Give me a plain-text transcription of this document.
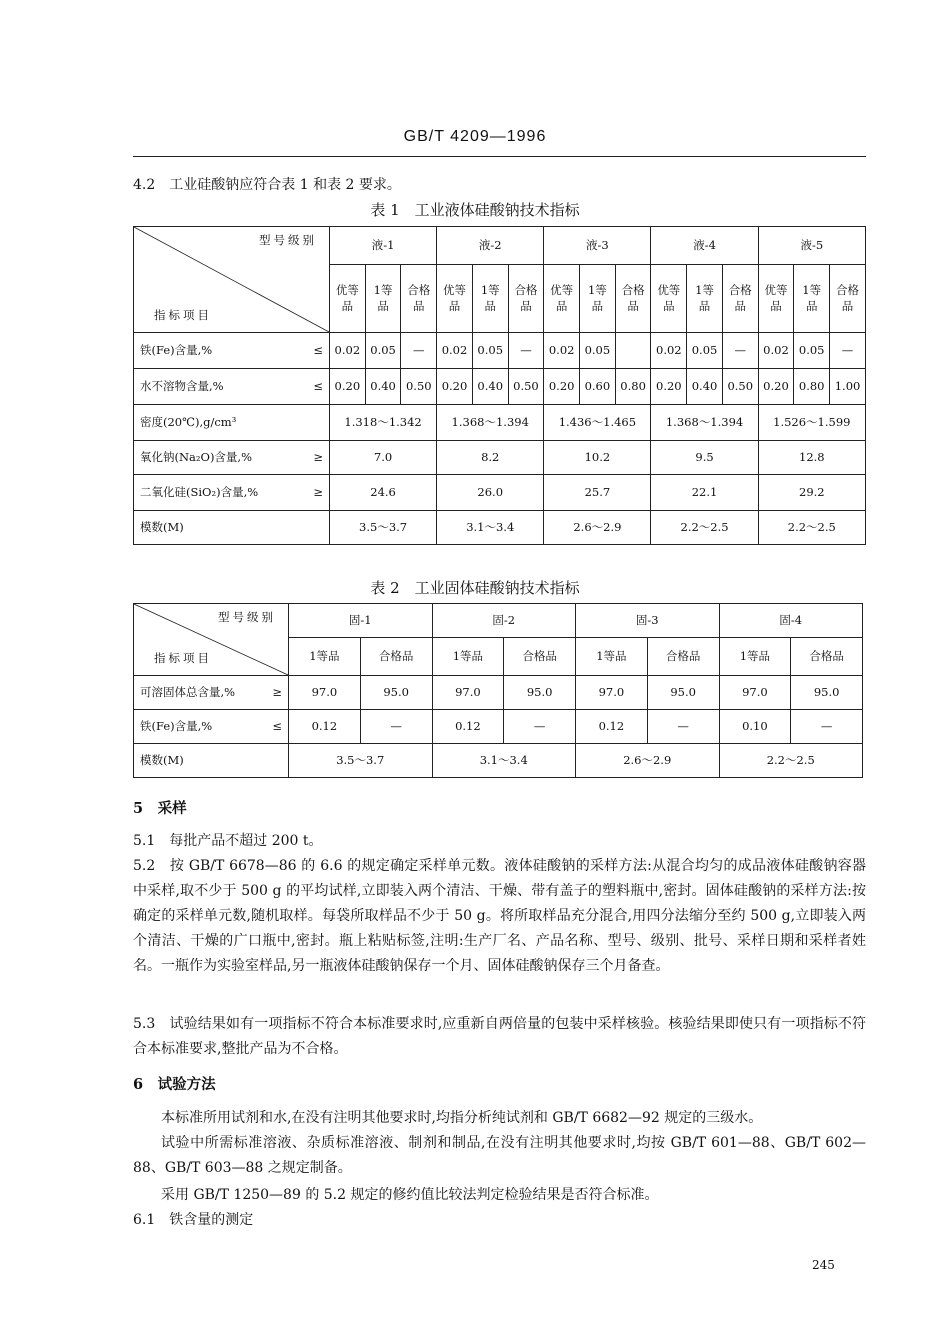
GB/T 4209—1996
4.2　工业硅酸钠应符合表 1 和表 2 要求。
表 1　工业液体硅酸钠技术指标
型号级别
指标项目	液-1			液-2			液-3			液-4			液-5		
	优等品	1等品	合格品	优等品	1等品	合格品	优等品	1等品	合格品	优等品	1等品	合格品	优等品	1等品	合格品

铁(Fe)含量,% ≤	0.02	0.05	—	0.02	0.05	—	0.02	0.05		0.02	0.05	—	0.02	0.05	—

水不溶物含量,% ≤	0.20	0.40	0.50	0.20	0.40	0.50	0.20	0.60	0.80	0.20	0.40	0.50	0.20	0.80	1.00

密度(20℃),g/cm³	1.318～1.342			1.368～1.394			1.436～1.465			1.368～1.394			1.526～1.599		

氧化钠(Na₂O)含量,% ≥	7.0			8.2			10.2			9.5			12.8		

二氧化硅(SiO₂)含量,% ≥	24.6			26.0			25.7			22.1			29.2		

模数(M)	3.5～3.7			3.1～3.4			2.6～2.9			2.2～2.5			2.2～2.5		
表 2　工业固体硅酸钠技术指标
型号级别
指标项目	固-1		固-2		固-3		固-4	
	1等品	合格品	1等品	合格品	1等品	合格品	1等品	合格品

可溶固体总含量,% ≥	97.0	95.0	97.0	95.0	97.0	95.0	97.0	95.0

铁(Fe)含量,% ≤	0.12	—	0.12	—	0.12	—	0.10	—

模数(M)	3.5～3.7		3.1～3.4		2.6～2.9		2.2～2.5	
5　采样
5.1　每批产品不超过 200 t。
5.2　按 GB/T 6678—86 的 6.6 的规定确定采样单元数。液体硅酸钠的采样方法:从混合均匀的成品液体硅酸钠容器中采样,取不少于 500 g 的平均试样,立即装入两个清洁、干燥、带有盖子的塑料瓶中,密封。固体硅酸钠的采样方法:按确定的采样单元数,随机取样。每袋所取样品不少于 50 g。将所取样品充分混合,用四分法缩分至约 500 g,立即装入两个清洁、干燥的广口瓶中,密封。瓶上粘贴标签,注明:生产厂名、产品名称、型号、级别、批号、采样日期和采样者姓名。一瓶作为实验室样品,另一瓶液体硅酸钠保存一个月、固体硅酸钠保存三个月备查。
5.3　试验结果如有一项指标不符合本标准要求时,应重新自两倍量的包装中采样核验。核验结果即使只有一项指标不符合本标准要求,整批产品为不合格。
6　试验方法
本标准所用试剂和水,在没有注明其他要求时,均指分析纯试剂和 GB/T 6682—92 规定的三级水。
试验中所需标准溶液、杂质标准溶液、制剂和制品,在没有注明其他要求时,均按 GB/T 601—88、GB/T 602—88、GB/T 603—88 之规定制备。
采用 GB/T 1250—89 的 5.2 规定的修约值比较法判定检验结果是否符合标准。
6.1　铁含量的测定
245
